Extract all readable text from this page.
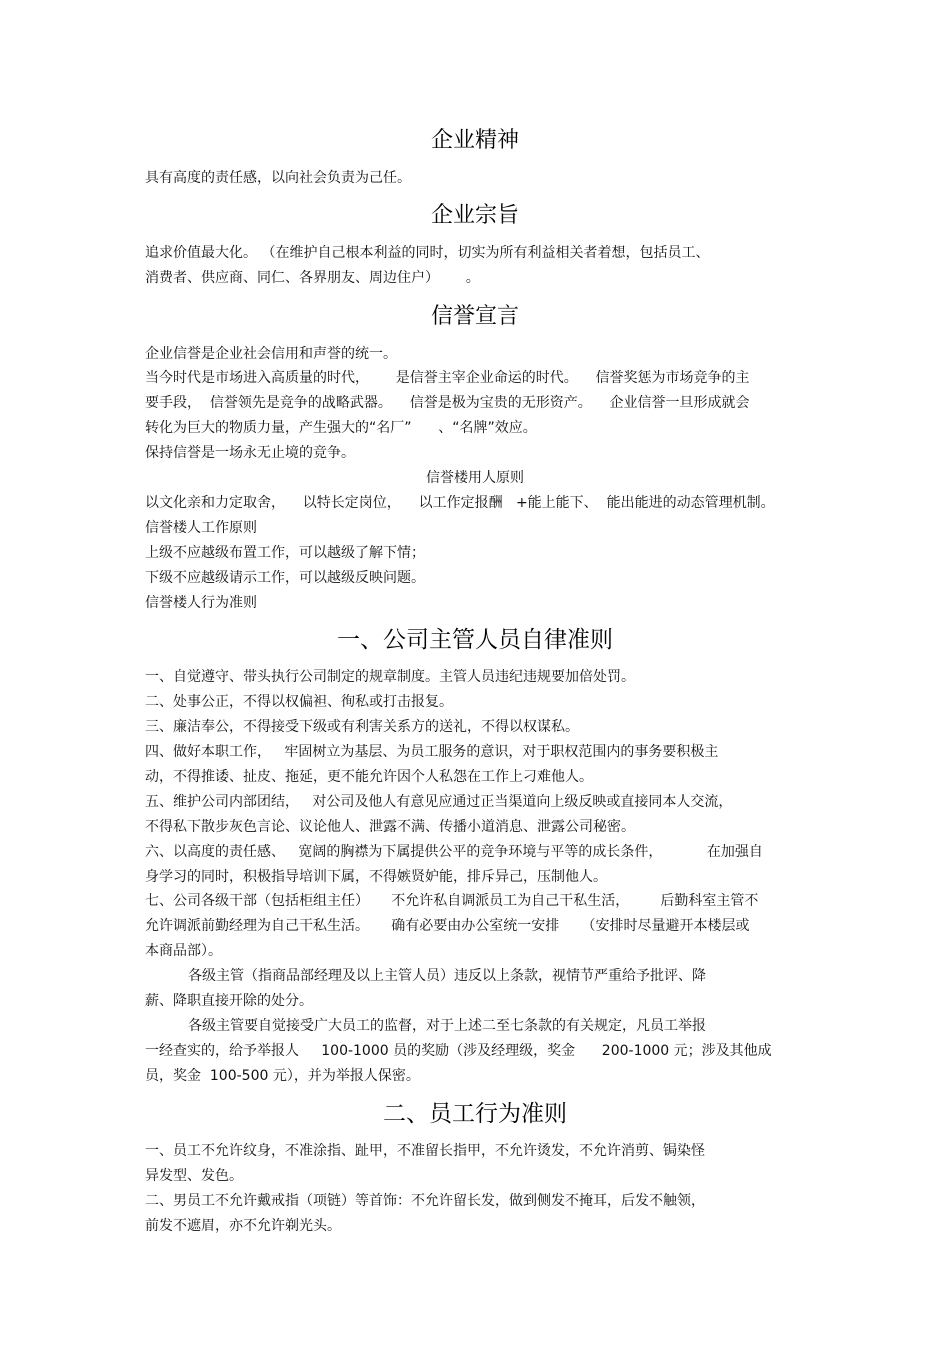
企业精神
具有高度的责任感，以向社会负责为己任。
企业宗旨
追求价值最大化。 （在维护自己根本利益的同时，切实为所有利益相关者着想，包括员工、
消费者、供应商、同仁、各界朋友、周边住户）      。
信誉宣言
企业信誉是企业社会信用和声誉的统一。
当今时代是市场进入高质量的时代，      是信誉主宰企业命运的时代。    信誉奖惩为市场竞争的主
要手段，  信誉领先是竞争的战略武器。    信誉是极为宝贵的无形资产。    企业信誉一旦形成就会
转化为巨大的物质力量，产生强大的“名厂”      、“名牌”效应。
保持信誉是一场永无止境的竞争。
信誉楼用人原则
以文化亲和力定取舍，    以特长定岗位，    以工作定报酬   +能上能下、  能出能进的动态管理机制。
信誉楼人工作原则
上级不应越级布置工作，可以越级了解下情；
下级不应越级请示工作，可以越级反映问题。
信誉楼人行为准则
一、公司主管人员自律准则
一、自觉遵守、带头执行公司制定的规章制度。主管人员违纪违规要加倍处罚。
二、处事公正，不得以权偏袒、徇私或打击报复。
三、廉洁奉公，不得接受下级或有利害关系方的送礼，不得以权谋私。
四、做好本职工作，   牢固树立为基层、为员工服务的意识，对于职权范围内的事务要积极主
动，不得推诿、扯皮、拖延，更不能允许因个人私怨在工作上刁难他人。
五、维护公司内部团结，   对公司及他人有意见应通过正当渠道向上级反映或直接同本人交流，
不得私下散步灰色言论、议论他人、泄露不满、传播小道消息、泄露公司秘密。
六、以高度的责任感、   宽阔的胸襟为下属提供公平的竞争环境与平等的成长条件，          在加强自
身学习的同时，积极指导培训下属，不得嫉贤妒能，排斥异己，压制他人。
七、公司各级干部（包括柜组主任）     不允许私自调派员工为自己干私生活，       后勤科室主管不
允许调派前勤经理为自己干私生活。     确有必要由办公室统一安排     （安排时尽量避开本楼层或
本商品部）。
各级主管（指商品部经理及以上主管人员）违反以上条款，视情节严重给予批评、降
薪、降职直接开除的处分。
各级主管要自觉接受广大员工的监督，对于上述二至七条款的有关规定，凡员工举报
一经查实的，给予举报人     100-1000 员的奖励（涉及经理级，奖金      200-1000 元；涉及其他成
员，奖金  100-500 元），并为举报人保密。
二、员工行为准则
一、员工不允许纹身，不准涂指、趾甲，不准留长指甲，不允许烫发，不允许消剪、锔染怪
异发型、发色。
二、男员工不允许戴戒指（项链）等首饰：不允许留长发，做到侧发不掩耳，后发不触领，
前发不遮眉，亦不允许剃光头。
